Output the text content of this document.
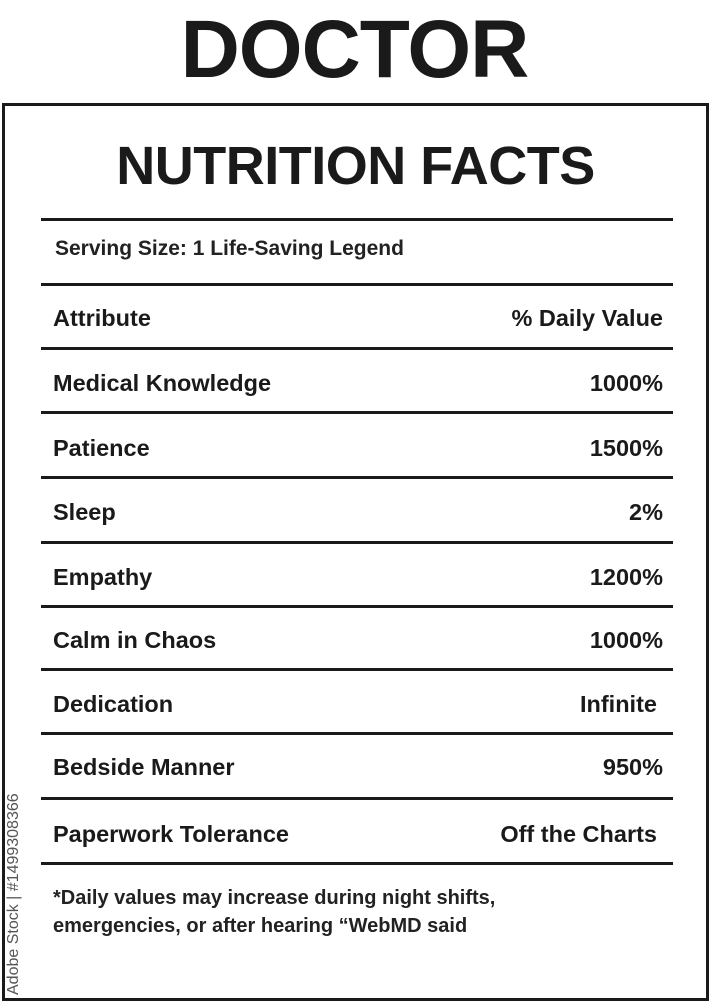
DOCTOR
NUTRITION FACTS
Serving Size: 1 Life-Saving Legend
Attribute	% Daily Value
Medical Knowledge	1000%
Patience	1500%
Sleep	2%
Empathy	1200%
Calm in Chaos	1000%
Dedication	Infinite
Bedside Manner	950%
Paperwork Tolerance	Off the Charts
*Daily values may increase during night shifts,
emergencies, or after hearing “WebMD said
Adobe Stock | #1499308366
